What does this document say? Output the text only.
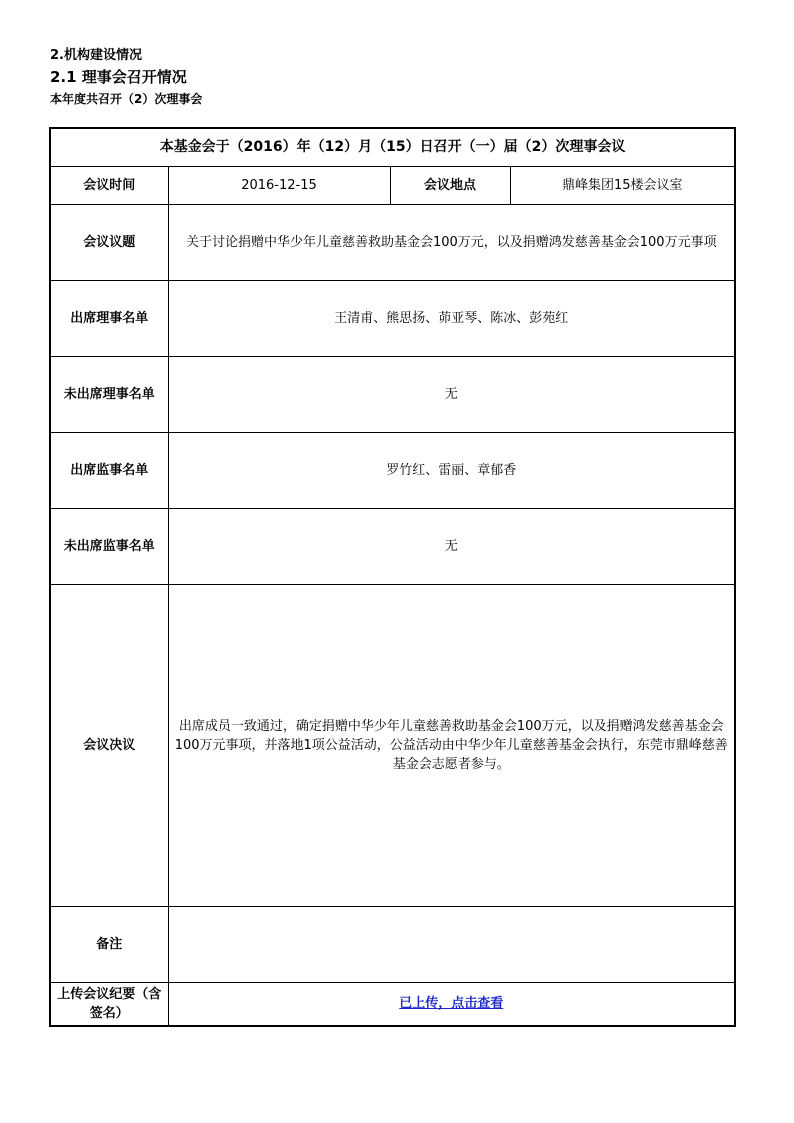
2.机构建设情况
2.1 理事会召开情况
本年度共召开（2）次理事会
本基金会于（2016）年（12）月（15）日召开（一）届（2）次理事会议			
会议时间	2016-12-15	会议地点	鼎峰集团15楼会议室
会议议题	关于讨论捐赠中华少年儿童慈善救助基金会100万元，以及捐赠鸿发慈善基金会100万元事项		
出席理事名单	王清甫、熊思扬、茆亚琴、陈冰、彭苑红		
未出席理事名单	无		
出席监事名单	罗竹红、雷丽、章郁香		
未出席监事名单	无		
会议决议	出席成员一致通过，确定捐赠中华少年儿童慈善救助基金会100万元，以及捐赠鸿发慈善基金会100万元事项，并落地1项公益活动，公益活动由中华少年儿童慈善基金会执行，东莞市鼎峰慈善基金会志愿者参与。		
备注			
上传会议纪要（含签名）	已上传，点击查看		
